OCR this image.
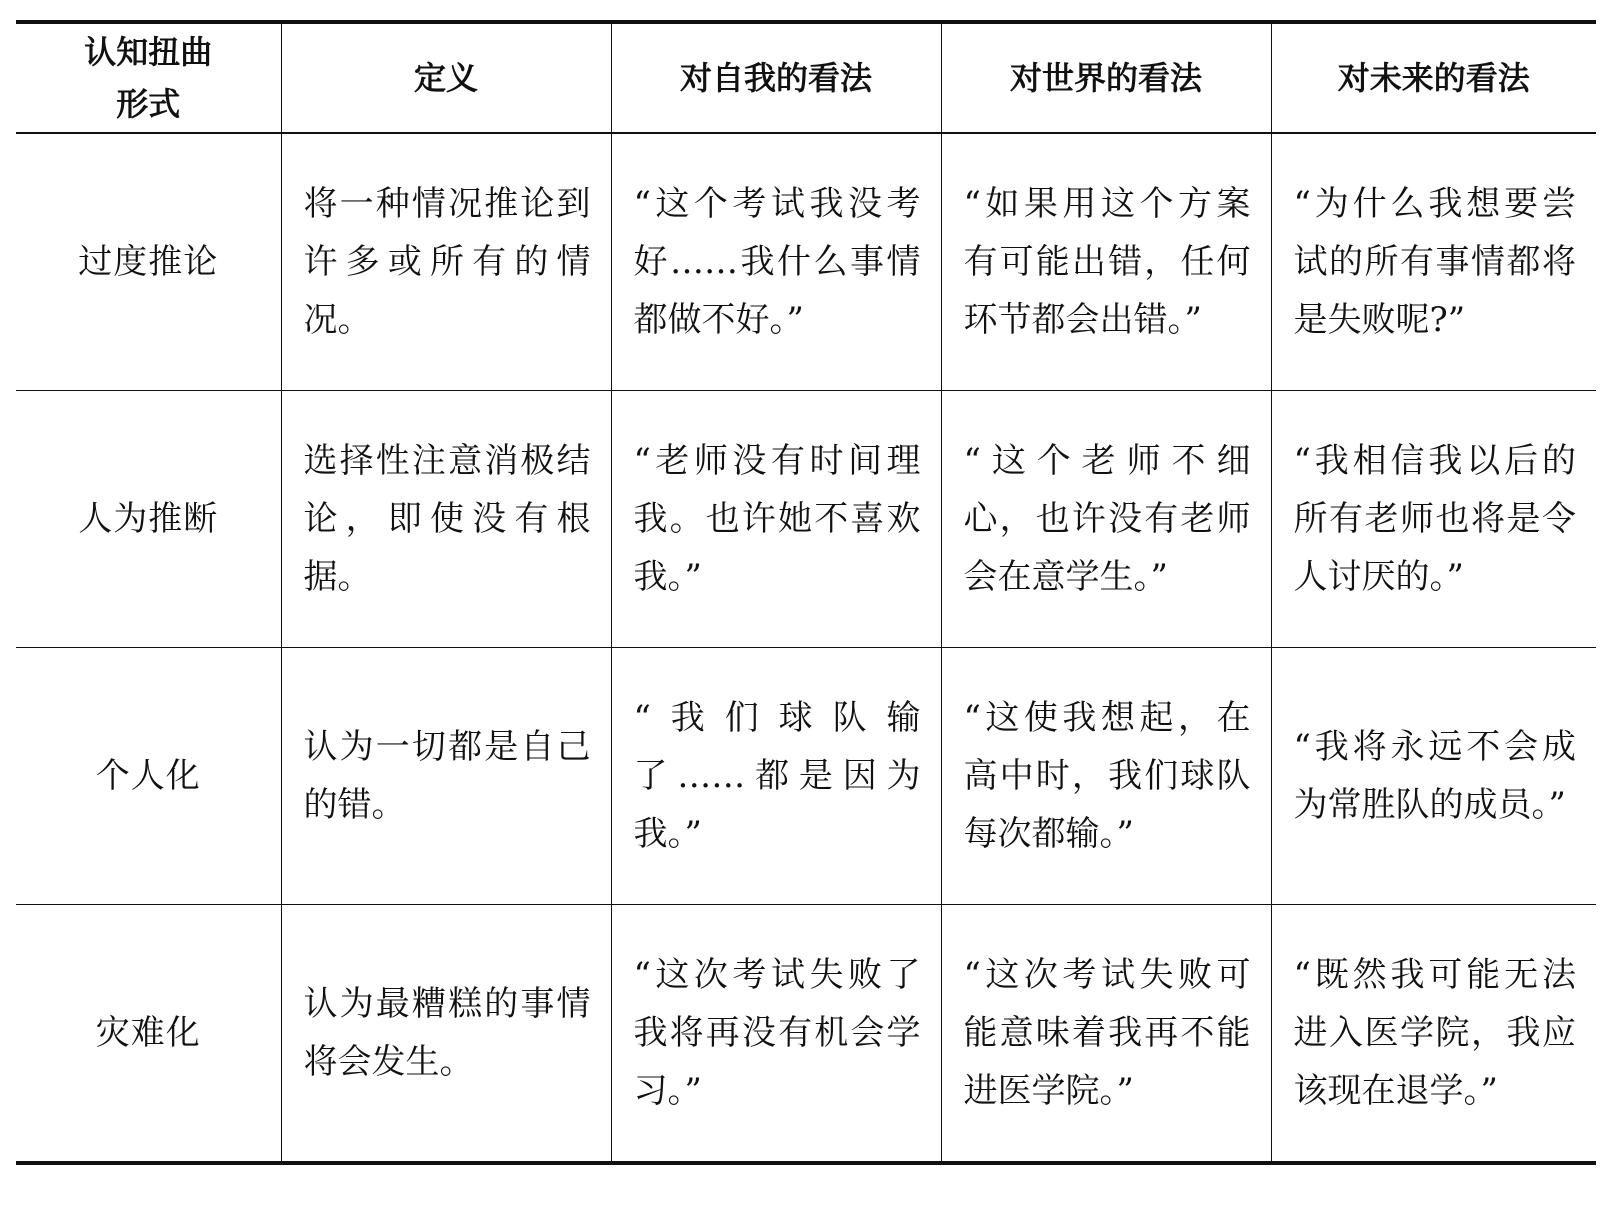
认知扭曲形式	定义	对自我的看法	对世界的看法	对未来的看法
过度推论	将一种情况推论到许多或所有的情况。	“这个考试我没考好……我什么事情都做不好。”	“如果用这个方案有可能出错，任何环节都会出错。”	“为什么我想要尝试的所有事情都将是失败呢?”
人为推断	选择性注意消极结论，即使没有根据。	“老师没有时间理我。也许她不喜欢我。”	“这个老师不细心，也许没有老师会在意学生。”	“我相信我以后的所有老师也将是令人讨厌的。”
个人化	认为一切都是自己的错。	“我们球队输了……都是因为我。”	“这使我想起，在高中时，我们球队每次都输。”	“我将永远不会成为常胜队的成员。”
灾难化	认为最糟糕的事情将会发生。	“这次考试失败了我将再没有机会学习。”	“这次考试失败可能意味着我再不能进医学院。”	“既然我可能无法进入医学院，我应该现在退学。”
